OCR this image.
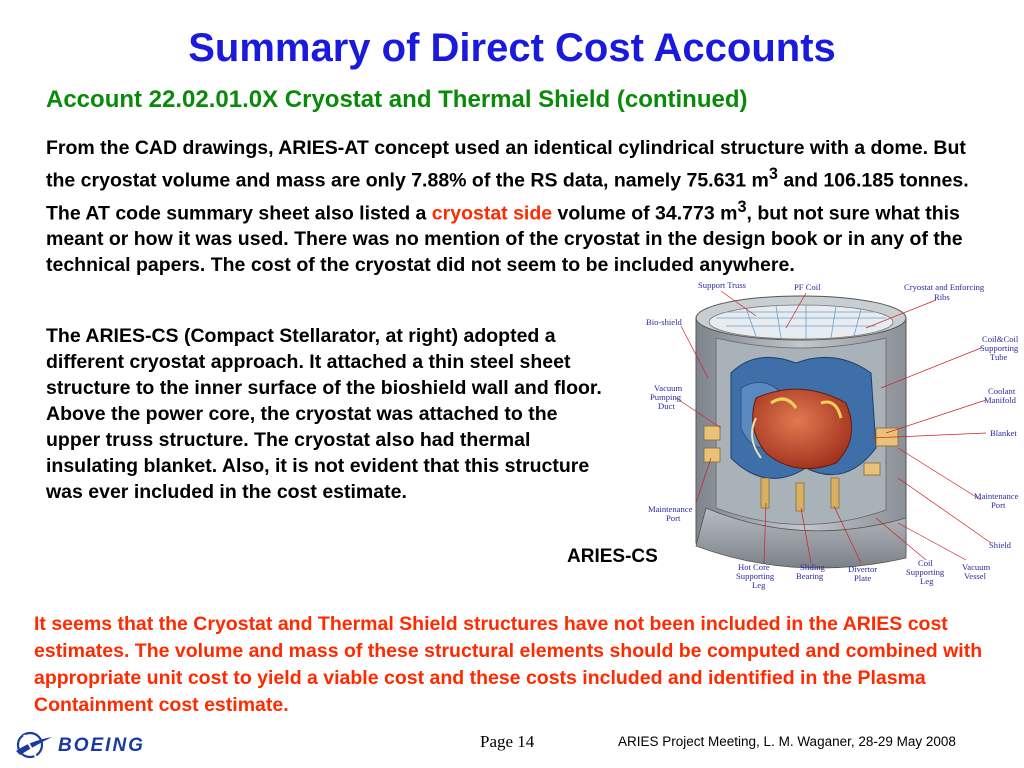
Summary of Direct Cost Accounts
Account 22.02.01.0X Cryostat and Thermal Shield (continued)
From the CAD drawings, ARIES-AT concept used an identical cylindrical structure with a dome. But the cryostat volume and mass are only 7.88% of the RS data, namely 75.631 $m^3$ and 106.185 tonnes. The AT code summary sheet also listed a cryostat side volume of 34.773 $m^3$, but not sure what this meant or how it was used. There was no mention of the cryostat in the design book or in any of the technical papers. The cost of the cryostat did not seem to be included anywhere.
The ARIES-CS (Compact Stellarator, at right) adopted a different cryostat approach. It attached a thin steel sheet structure to the inner surface of the bioshield wall and floor. Above the power core, the cryostat was attached to the upper truss structure. The cryostat also had thermal insulating blanket. Also, it is not evident that this structure was ever included in the cost estimate.
Support Truss	PF Coil	Cryostat and Enforcing
Ribs
Bio-shield
Coil&Coil
Supporting
Tube
Vacuum
Pumping
Duct
Coolant
Manifold
Blanket
Maintenance
Port
Maintenance
Port
Shield
Hot Core
Supporting
Leg
Sliding
Bearing
Divertor
Plate
Coil
Supporting
Leg
Vacuum
Vessel
ARIES-CS
It seems that the Cryostat and Thermal Shield structures have not been included in the ARIES cost estimates. The volume and mass of these structural elements should be computed and combined with appropriate unit cost to yield a viable cost and these costs included and identified in the Plasma Containment cost estimate.
BOEING	Page 14	ARIES Project Meeting, L. M. Waganer, 28-29 May 2008
